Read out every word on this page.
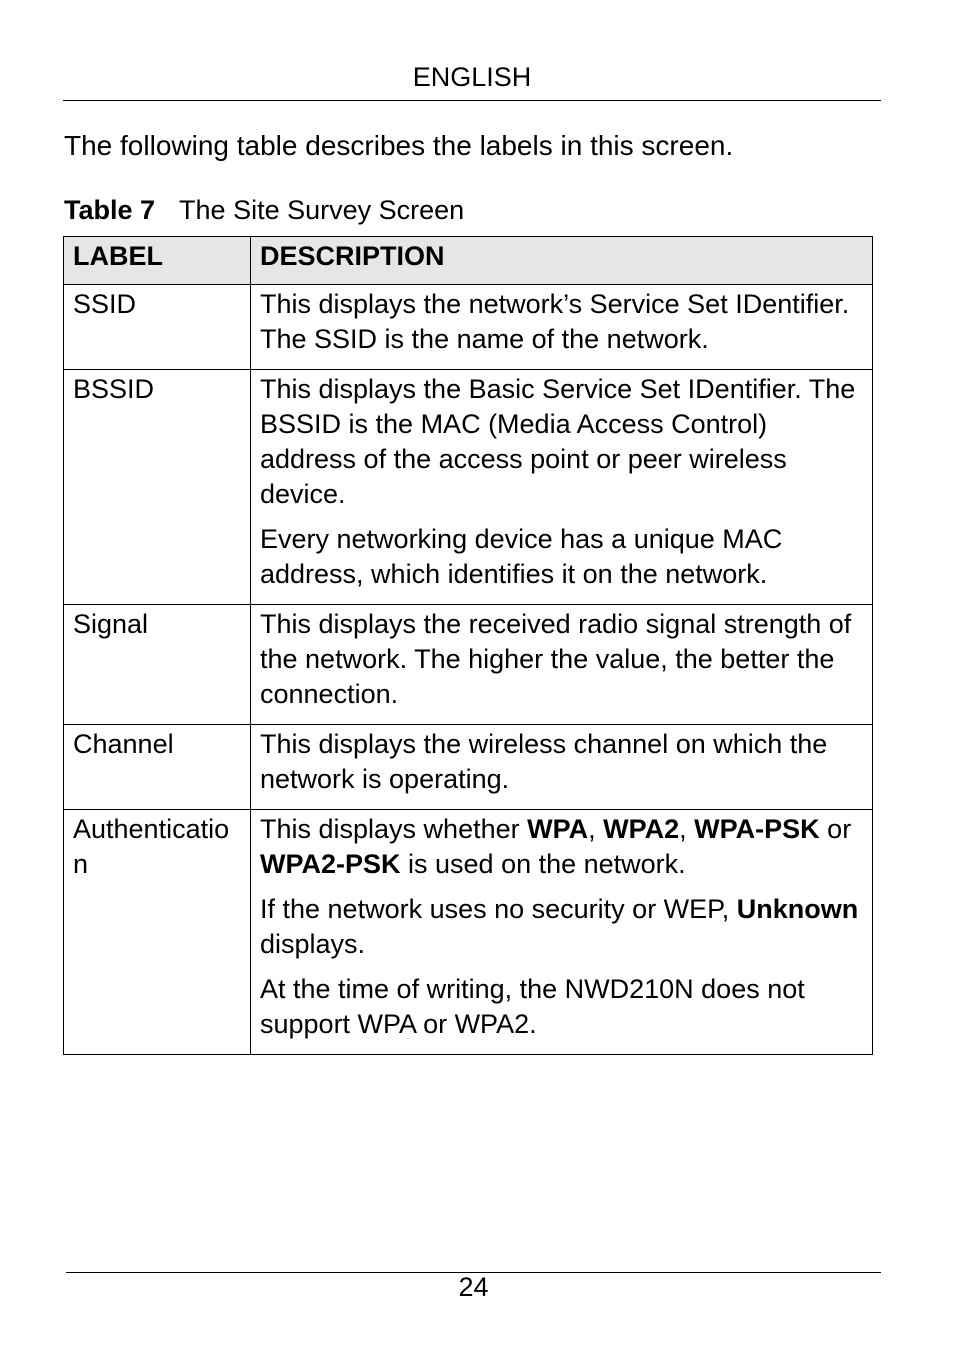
ENGLISH
The following table describes the labels in this screen.
Table 7 The Site Survey Screen
LABEL	DESCRIPTION
SSID	This displays the network’s Service Set IDentifier. The SSID is the name of the network.

BSSID	This displays the Basic Service Set IDentifier. The BSSID is the MAC (Media Access Control) address of the access point or peer wireless device.

Every networking device has a unique MAC address, which identifies it on the network.

Signal	This displays the received radio signal strength of the network. The higher the value, the better the connection.

Channel	This displays the wireless channel on which the network is operating.

Authentication	This displays whether WPA, WPA2, WPA-PSK or WPA2-PSK is used on the network.

If the network uses no security or WEP, Unknown displays.

At the time of writing, the NWD210N does not support WPA or WPA2.

24
